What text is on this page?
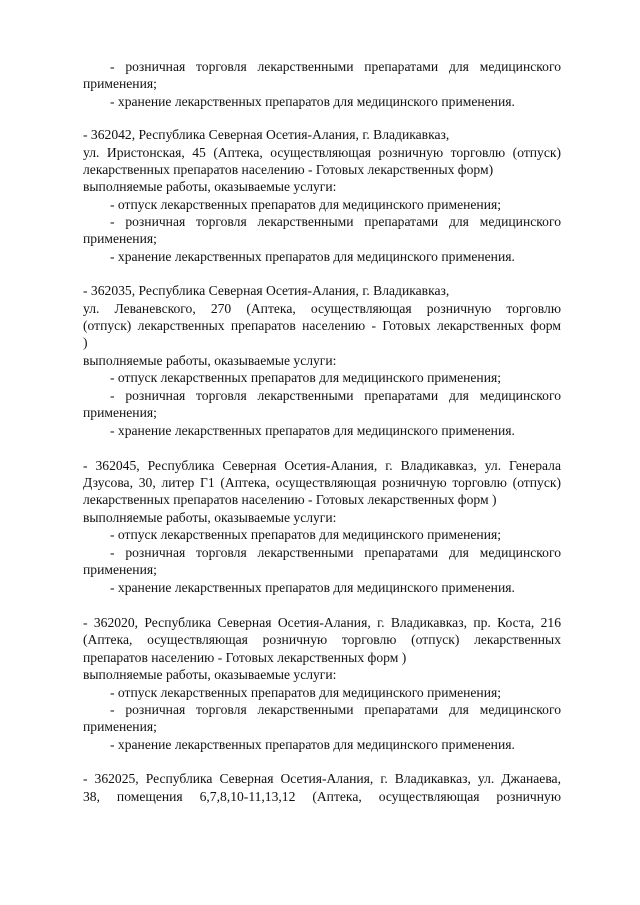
- розничная торговля лекарственными препаратами для медицинского
применения;
- хранение лекарственных препаратов для медицинского применения.
- 362042, Республика Северная Осетия-Алания, г. Владикавказ,
ул. Иристонская, 45 (Аптека, осуществляющая розничную торговлю (отпуск)
лекарственных препаратов населению - Готовых лекарственных форм)
выполняемые работы, оказываемые услуги:
- отпуск лекарственных препаратов для медицинского применения;
- розничная торговля лекарственными препаратами для медицинского
применения;
- хранение лекарственных препаратов для медицинского применения.
- 362035, Республика Северная Осетия-Алания, г. Владикавказ,
ул. Леваневского, 270 (Аптека, осуществляющая розничную торговлю
(отпуск) лекарственных препаратов населению - Готовых лекарственных форм
)
выполняемые работы, оказываемые услуги:
- отпуск лекарственных препаратов для медицинского применения;
- розничная торговля лекарственными препаратами для медицинского
применения;
- хранение лекарственных препаратов для медицинского применения.
- 362045, Республика Северная Осетия-Алания, г. Владикавказ, ул. Генерала
Дзусова, 30, литер Г1 (Аптека, осуществляющая розничную торговлю (отпуск)
лекарственных препаратов населению - Готовых лекарственных форм )
выполняемые работы, оказываемые услуги:
- отпуск лекарственных препаратов для медицинского применения;
- розничная торговля лекарственными препаратами для медицинского
применения;
- хранение лекарственных препаратов для медицинского применения.
- 362020, Республика Северная Осетия-Алания, г. Владикавказ, пр. Коста, 216
(Аптека, осуществляющая розничную торговлю (отпуск) лекарственных
препаратов населению - Готовых лекарственных форм )
выполняемые работы, оказываемые услуги:
- отпуск лекарственных препаратов для медицинского применения;
- розничная торговля лекарственными препаратами для медицинского
применения;
- хранение лекарственных препаратов для медицинского применения.
- 362025, Республика Северная Осетия-Алания, г. Владикавказ, ул. Джанаева,
38, помещения 6,7,8,10-11,13,12 (Аптека, осуществляющая розничную
